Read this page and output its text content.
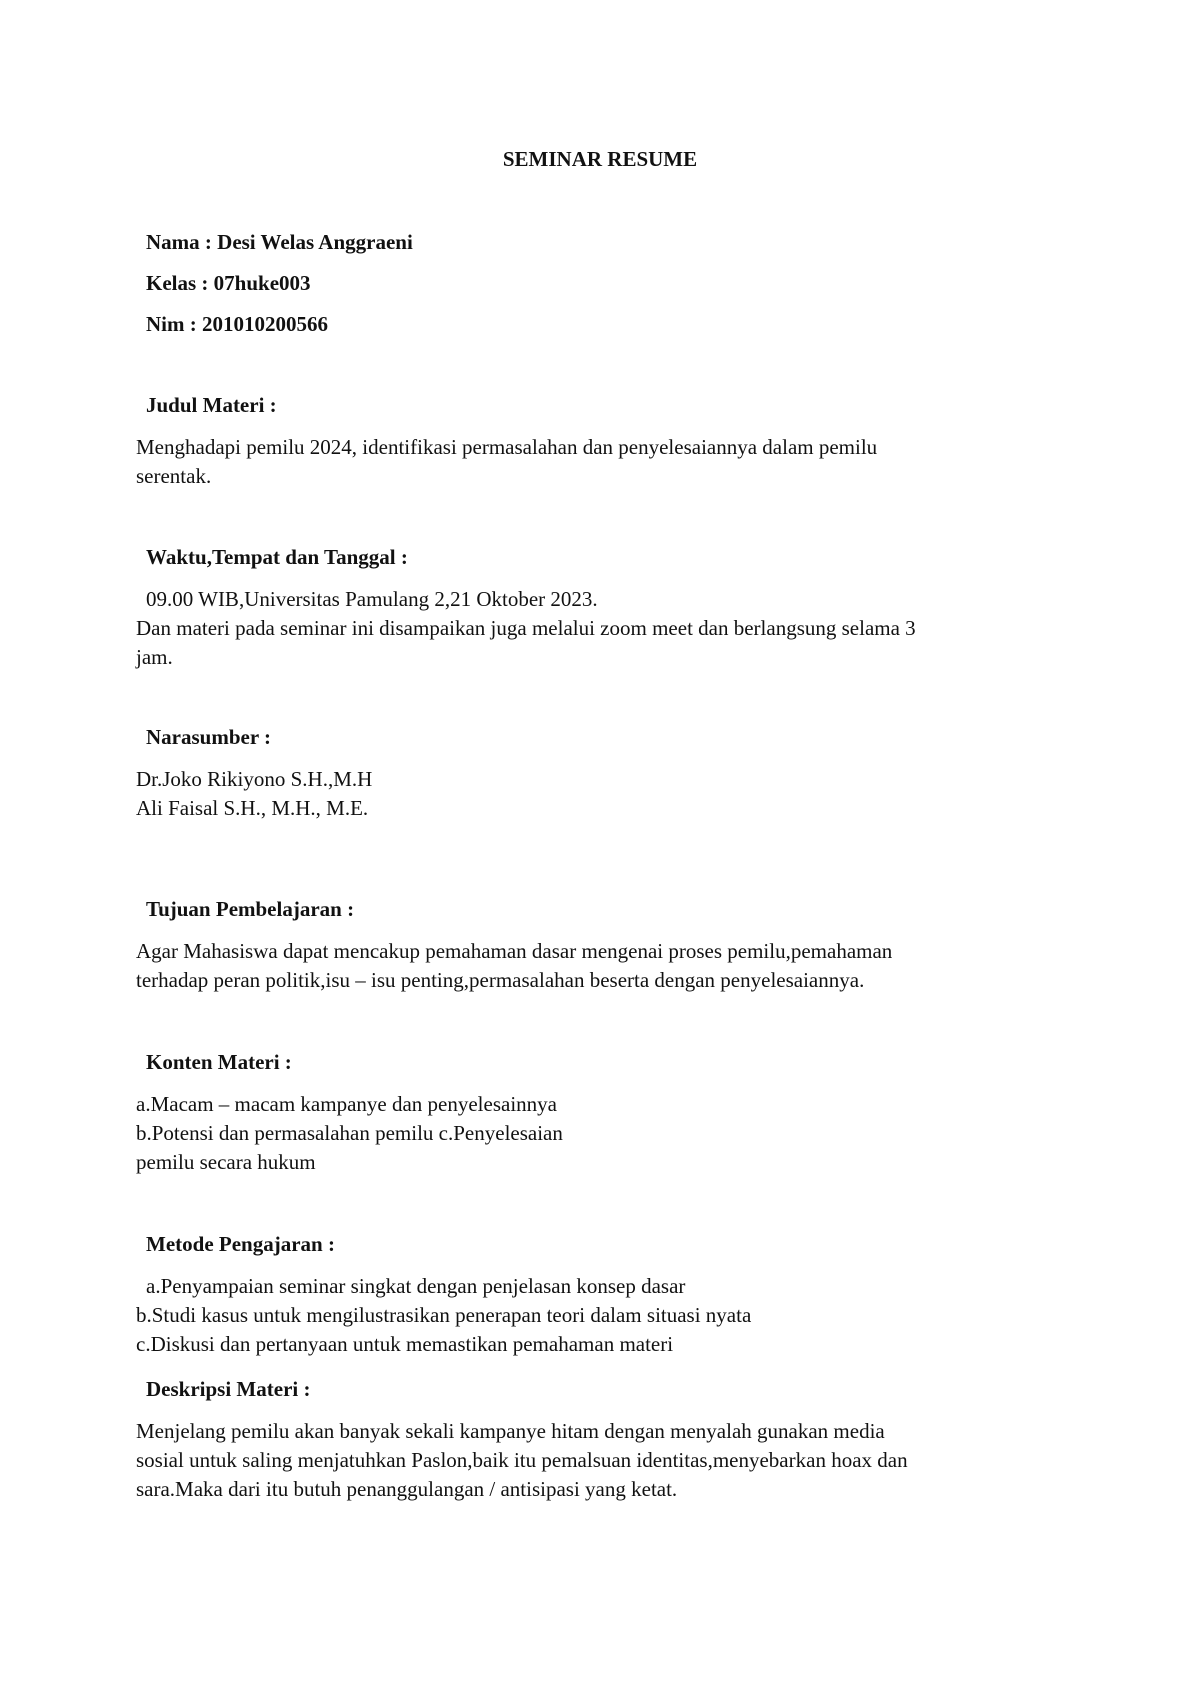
SEMINAR RESUME

Nama : Desi Welas Anggraeni

Kelas : 07huke003

Nim : 201010200566

Judul Materi :

Menghadapi pemilu 2024, identifikasi permasalahan dan penyelesaiannya dalam pemilu

serentak.

Waktu,Tempat dan Tanggal :

09.00 WIB,Universitas Pamulang 2,21 Oktober 2023.

Dan materi pada seminar ini disampaikan juga melalui zoom meet dan berlangsung selama 3

jam.

Narasumber :

Dr.Joko Rikiyono S.H.,M.H

Ali Faisal S.H., M.H., M.E.

Tujuan Pembelajaran :

Agar Mahasiswa dapat mencakup pemahaman dasar mengenai proses pemilu,pemahaman

terhadap peran politik,isu – isu penting,permasalahan beserta dengan penyelesaiannya.

Konten Materi :

a.Macam – macam kampanye dan penyelesainnya

b.Potensi dan permasalahan pemilu c.Penyelesaian

pemilu secara hukum

Metode Pengajaran :

a.Penyampaian seminar singkat dengan penjelasan konsep dasar

b.Studi kasus untuk mengilustrasikan penerapan teori dalam situasi nyata

c.Diskusi dan pertanyaan untuk memastikan pemahaman materi

Deskripsi Materi :

Menjelang pemilu akan banyak sekali kampanye hitam dengan menyalah gunakan media

sosial untuk saling menjatuhkan Paslon,baik itu pemalsuan identitas,menyebarkan hoax dan

sara.Maka dari itu butuh penanggulangan / antisipasi yang ketat.
